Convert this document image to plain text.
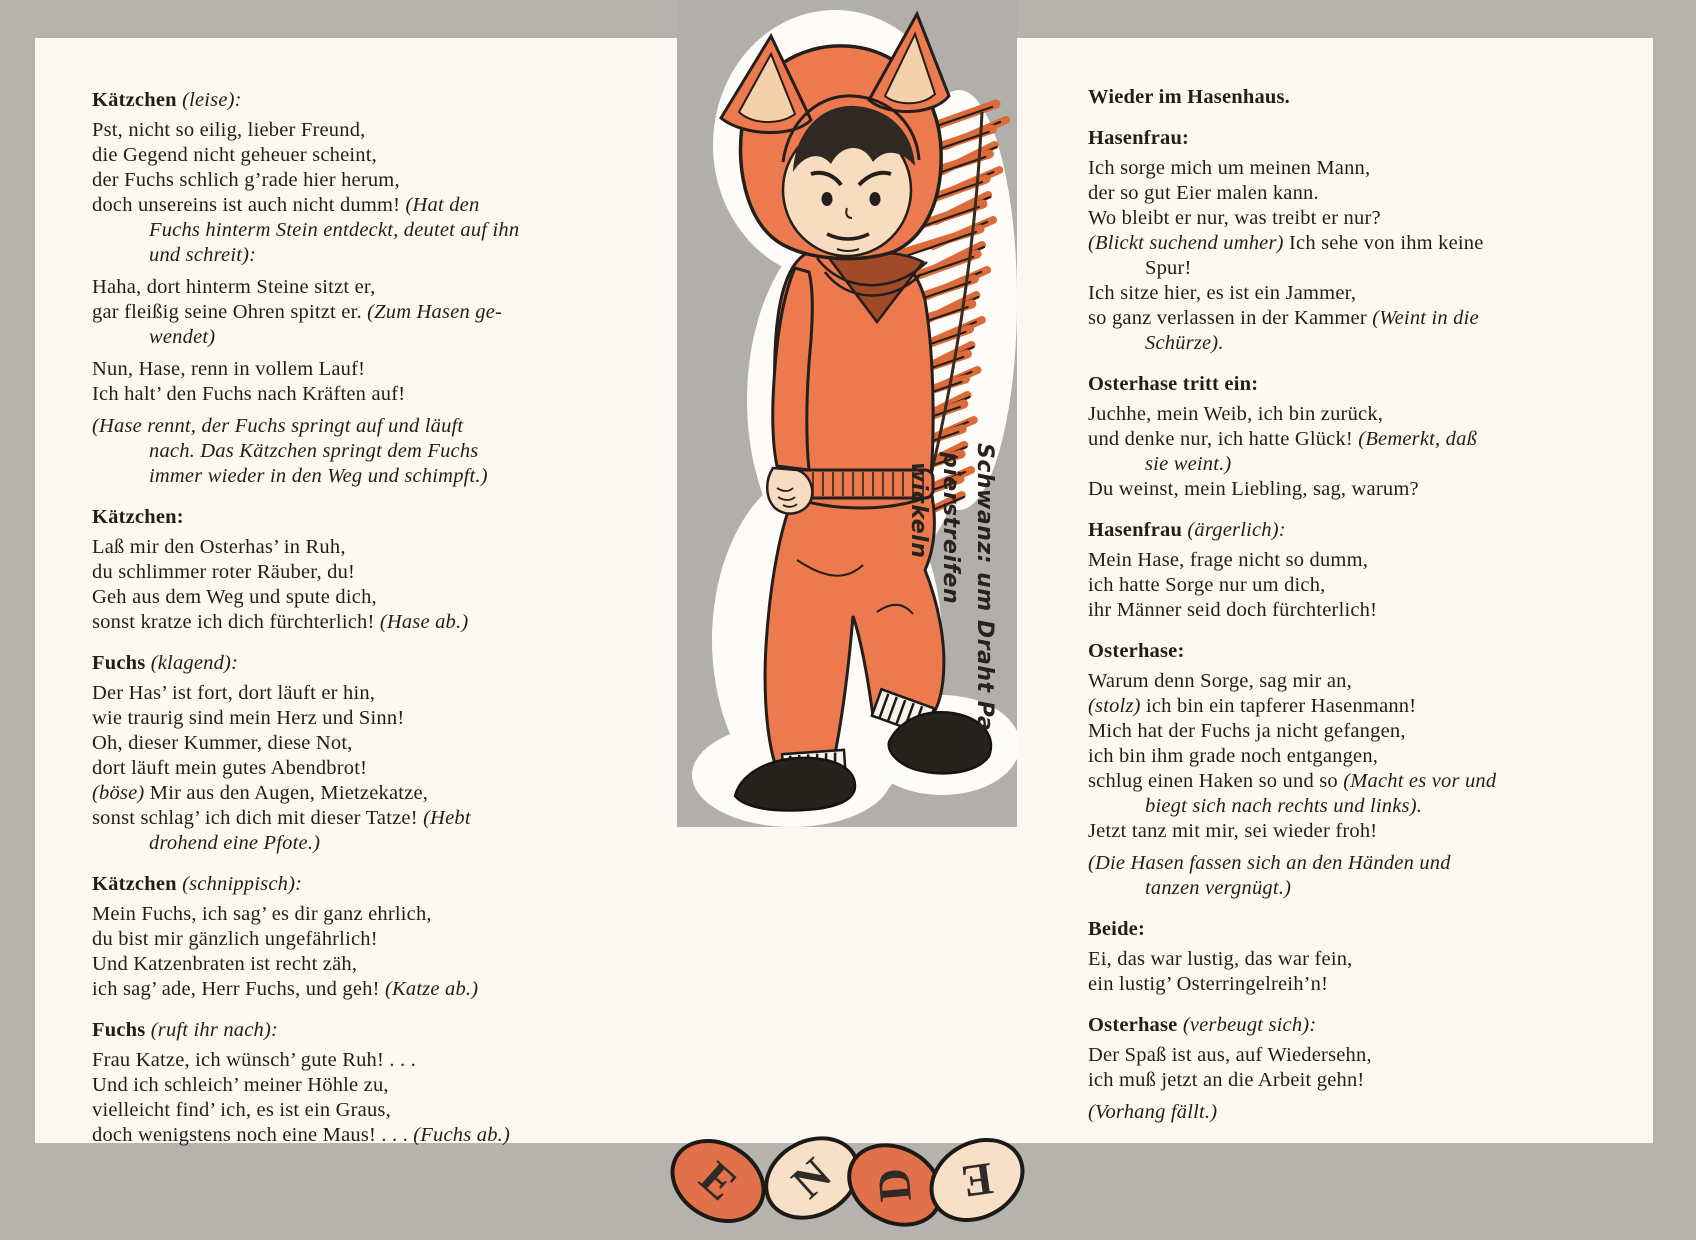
Schwanz: um Draht Pa-
pierstreifen
wickeln

Kätzchen (leise):

Pst, nicht so eilig, lieber Freund,

die Gegend nicht geheuer scheint,

der Fuchs schlich g’rade hier herum,

doch unsereins ist auch nicht dumm! (Hat den

Fuchs hinterm Stein entdeckt, deutet auf ihn

und schreit):

Haha, dort hinterm Steine sitzt er,

gar fleißig seine Ohren spitzt er. (Zum Hasen ge-

wendet)

Nun, Hase, renn in vollem Lauf!

Ich halt’ den Fuchs nach Kräften auf!

(Hase rennt, der Fuchs springt auf und läuft

nach. Das Kätzchen springt dem Fuchs

immer wieder in den Weg und schimpft.)

Kätzchen:

Laß mir den Osterhas’ in Ruh,

du schlimmer roter Räuber, du!

Geh aus dem Weg und spute dich,

sonst kratze ich dich fürchterlich! (Hase ab.)

Fuchs (klagend):

Der Has’ ist fort, dort läuft er hin,

wie traurig sind mein Herz und Sinn!

Oh, dieser Kummer, diese Not,

dort läuft mein gutes Abendbrot!

(böse) Mir aus den Augen, Mietzekatze,

sonst schlag’ ich dich mit dieser Tatze! (Hebt

drohend eine Pfote.)

Kätzchen (schnippisch):

Mein Fuchs, ich sag’ es dir ganz ehrlich,

du bist mir gänzlich ungefährlich!

Und Katzenbraten ist recht zäh,

ich sag’ ade, Herr Fuchs, und geh! (Katze ab.)

Fuchs (ruft ihr nach):

Frau Katze, ich wünsch’ gute Ruh! . . .

Und ich schleich’ meiner Höhle zu,

vielleicht find’ ich, es ist ein Graus,

doch wenigstens noch eine Maus! . . . (Fuchs ab.)

Wieder im Hasenhaus.

Hasenfrau:

Ich sorge mich um meinen Mann,

der so gut Eier malen kann.

Wo bleibt er nur, was treibt er nur?

(Blickt suchend umher) Ich sehe von ihm keine

Spur!

Ich sitze hier, es ist ein Jammer,

so ganz verlassen in der Kammer (Weint in die

Schürze).

Osterhase tritt ein:

Juchhe, mein Weib, ich bin zurück,

und denke nur, ich hatte Glück! (Bemerkt, daß

sie weint.)

Du weinst, mein Liebling, sag, warum?

Hasenfrau (ärgerlich):

Mein Hase, frage nicht so dumm,

ich hatte Sorge nur um dich,

ihr Männer seid doch fürchterlich!

Osterhase:

Warum denn Sorge, sag mir an,

(stolz) ich bin ein tapferer Hasenmann!

Mich hat der Fuchs ja nicht gefangen,

ich bin ihm grade noch entgangen,

schlug einen Haken so und so (Macht es vor und

biegt sich nach rechts und links).

Jetzt tanz mit mir, sei wieder froh!

(Die Hasen fassen sich an den Händen und

tanzen vergnügt.)

Beide:

Ei, das war lustig, das war fein,

ein lustig’ Osterringelreih’n!

Osterhase (verbeugt sich):

Der Spaß ist aus, auf Wiedersehn,

ich muß jetzt an die Arbeit gehn!

(Vorhang fällt.)

E N D E
